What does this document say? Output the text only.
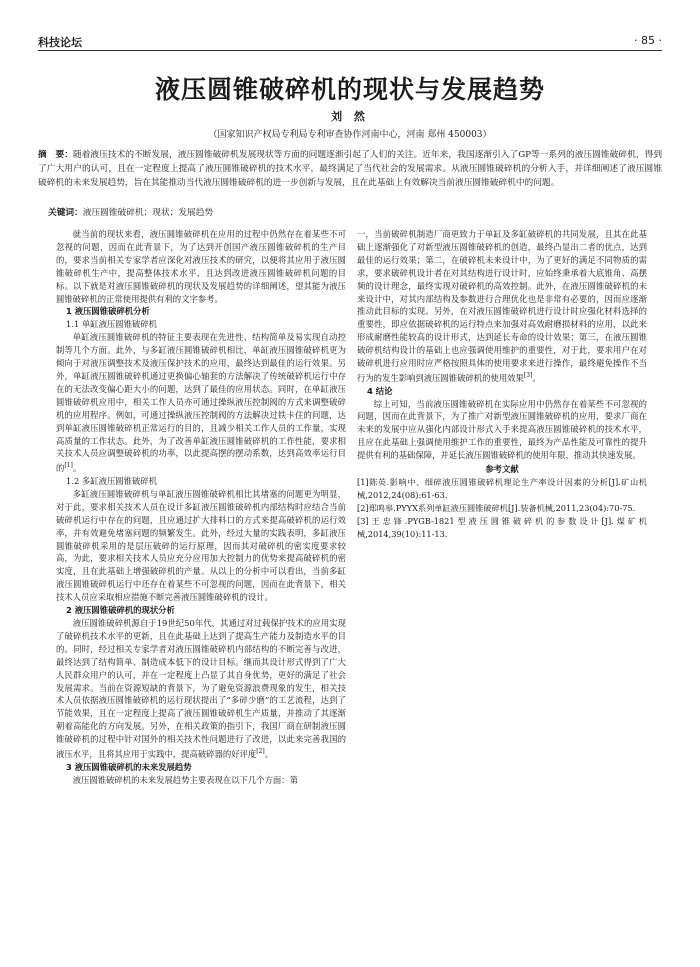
科技论坛	· 85 ·
液压圆锥破碎机的现状与发展趋势
刘 然
（国家知识产权局专利局专利审查协作河南中心，河南 郑州 450003）
摘　要：随着液压技术的不断发展，液压圆锥破碎机发展现状等方面的问题逐渐引起了人们的关注。近年来，我国逐渐引入了GP等一系列的液压圆锥破碎机，得到了广大用户的认可，且在一定程度上提高了液压圆锥破碎机的技术水平，最终满足了当代社会的发展需求。从液压圆锥破碎机的分析入手，并详细阐述了液压圆锥破碎机的未来发展趋势，旨在其能推动当代液压圆锥破碎机的进一步创新与发展，且在此基础上有效解决当前液压圆锥破碎机中的问题。
关键词：液压圆锥破碎机；现状；发展趋势

就当前的现状来看，液压圆锥破碎机在应用的过程中仍然存在着某些不可忽视的问题，因而在此背景下，为了达到开创国产液压圆锥破碎机的生产目的，要求当前相关专家学者应深化对液压技术的研究，以便将其应用于液压圆锥破碎机生产中，提高整体技术水平，且达到改进液压圆锥破碎机问题的目标。以下就是对液压圆锥破碎机的现状及发展趋势的详细阐述，望其能为液压圆锥破碎机的正常使用提供有利的文字参考。

1 液压圆锥破碎机分析
1.1 单缸液压圆锥破碎机

单缸液压圆锥破碎机的特征主要表现在先进性、结构简单及易实现自动控制等几个方面。此外，与多缸液压圆锥破碎机相比，单缸液压圆锥破碎机更为倾向于对液压调整技术及液压保护技术的应用，最终达到最佳的运行效果。另外，单缸液压圆锥破碎机通过更换偏心轴套的方法解决了传统破碎机运行中存在的无法改变偏心距大小的问题，达到了最佳的应用状态。同时，在单缸液压圆锥破碎机应用中，相关工作人员亦可通过操纵液压控制阀的方式来调整破碎机的应用程序。例如，可通过操纵液压控制阀的方法解决过铁卡住的问题，达到单缸液压圆锥破碎机正常运行的目的，且减少相关工作人员的工作量，实现高质量的工作状态。此外，为了改善单缸液压圆锥破碎机的工作性能，要求相关技术人员应调整破碎机的功率，以此提高摆的摆动系数，达到高效率运行目的[1]。

1.2 多缸液压圆锥破碎机

多缸液压圆锥破碎机与单缸液压圆锥破碎机相比其堵塞的问题更为明显，对于此，要求相关技术人员在设计多缸液压圆锥破碎机内部结构时应结合当前破碎机运行中存在的问题，且应通过扩大排料口的方式来提高破碎机的运行效率，并有效避免堵塞问题的频繁发生。此外，经过大量的实践表明，多缸液压圆锥破碎机采用的是层压破碎的运行原理，因而其对破碎机的密实度要求较高，为此，要求相关技术人员应充分应用加大控制力的优势来提高破碎机的密实度，且在此基础上增强破碎机的产量。从以上的分析中可以看出，当前多缸液压圆锥破碎机运行中还存在着某些不可忽视的问题，因而在此背景下，相关技术人员应采取相应措施不断完善液压圆锥破碎机的设计。

2 液压圆锥破碎机的现状分析

液压圆锥破碎机源自于19世纪50年代，其通过对过载保护技术的应用实现了破碎机技术水平的更新，且在此基础上达到了提高生产能力及制造水平的目的。同时，经过相关专家学者对液压圆锥破碎机内部结构的不断完善与改进，最终达到了结构简单、制造成本低下的设计目标。继而其设计形式得到了广大人民群众用户的认可，并在一定程度上凸显了其自身优势，更好的满足了社会发展需求。当前在资源短缺的背景下，为了避免资源浪费现象的发生，相关技术人员依据液压圆锥破碎机的运行现状提出了“多碎少磨”的工艺流程，达到了节能效果，且在一定程度上提高了液压圆锥破碎机生产质量，并推动了其逐渐朝着高能化的方向发展。另外，在相关政策的指引下，我国厂商在研制液压圆锥破碎机的过程中针对国外的相关技术性问题进行了改进，以此来完善我国的液压水平，且将其应用于实践中，提高破碎器的好评度[2]。

3 液压圆锥破碎机的未来发展趋势

液压圆锥破碎机的未来发展趋势主要表现在以下几个方面：第

一，当前破碎机制造厂商更致力于单缸及多缸破碎机的共同发展，且其在此基础上逐渐强化了对新型液压圆锥破碎机的创造，最终凸显出二者的优点，达到最佳的运行效果；第二，在破碎机未来设计中，为了更好的满足不同物质的需求，要求破碎机设计者在对其结构进行设计时，应始终秉承着大底锥角、高摆频的设计理念，最终实现对破碎机的高效控制。此外，在液压圆锥破碎机的未来设计中，对其内部结构及参数进行合理优化也是非常有必要的，因而应逐渐推动此目标的实现。另外，在对液压圆锥破碎机进行设计时应强化材料选择的重要性，即应依据破碎机的运行特点来加强对高效耐磨损材料的应用，以此来形成耐磨性能较高的设计形式，达到延长寿命的设计效果；第三，在液压圆锥破碎机结构设计的基础上也应强调使用维护的重要性，对于此，要求用户在对破碎机进行应用时应严格按照具体的使用要求来进行操作，最终避免操作不当行为的发生影响到液压圆锥破碎机的使用效果[3]。

4 结论

综上可知，当前液压圆锥破碎机在实际应用中仍然存在着某些不可忽视的问题，因而在此背景下，为了推广对新型液压圆锥破碎机的应用，要求厂商在未来的发展中应从强化内部设计形式入手来提高液压圆锥破碎机的技术水平，且应在此基础上强调使用维护工作的重要性，最终为产品性能及可靠性的提升提供有利的基础保障，并延长液压圆锥破碎机的使用年限，推动其快速发展。

参考文献
[1]陈英.影响中、细碎液压圆锥破碎机理论生产率设计因素的分析[J].矿山机械,2012,24(08):61-63.
[2]郑鸣皋.PYYX系列单缸液压圆锥破碎机[J].装备机械,2011,23(04):70-75.
[3]王忠锋.PYGB-1821型液压圆锥破碎机的参数设计[J].煤矿机械,2014,39(10):11-13.
